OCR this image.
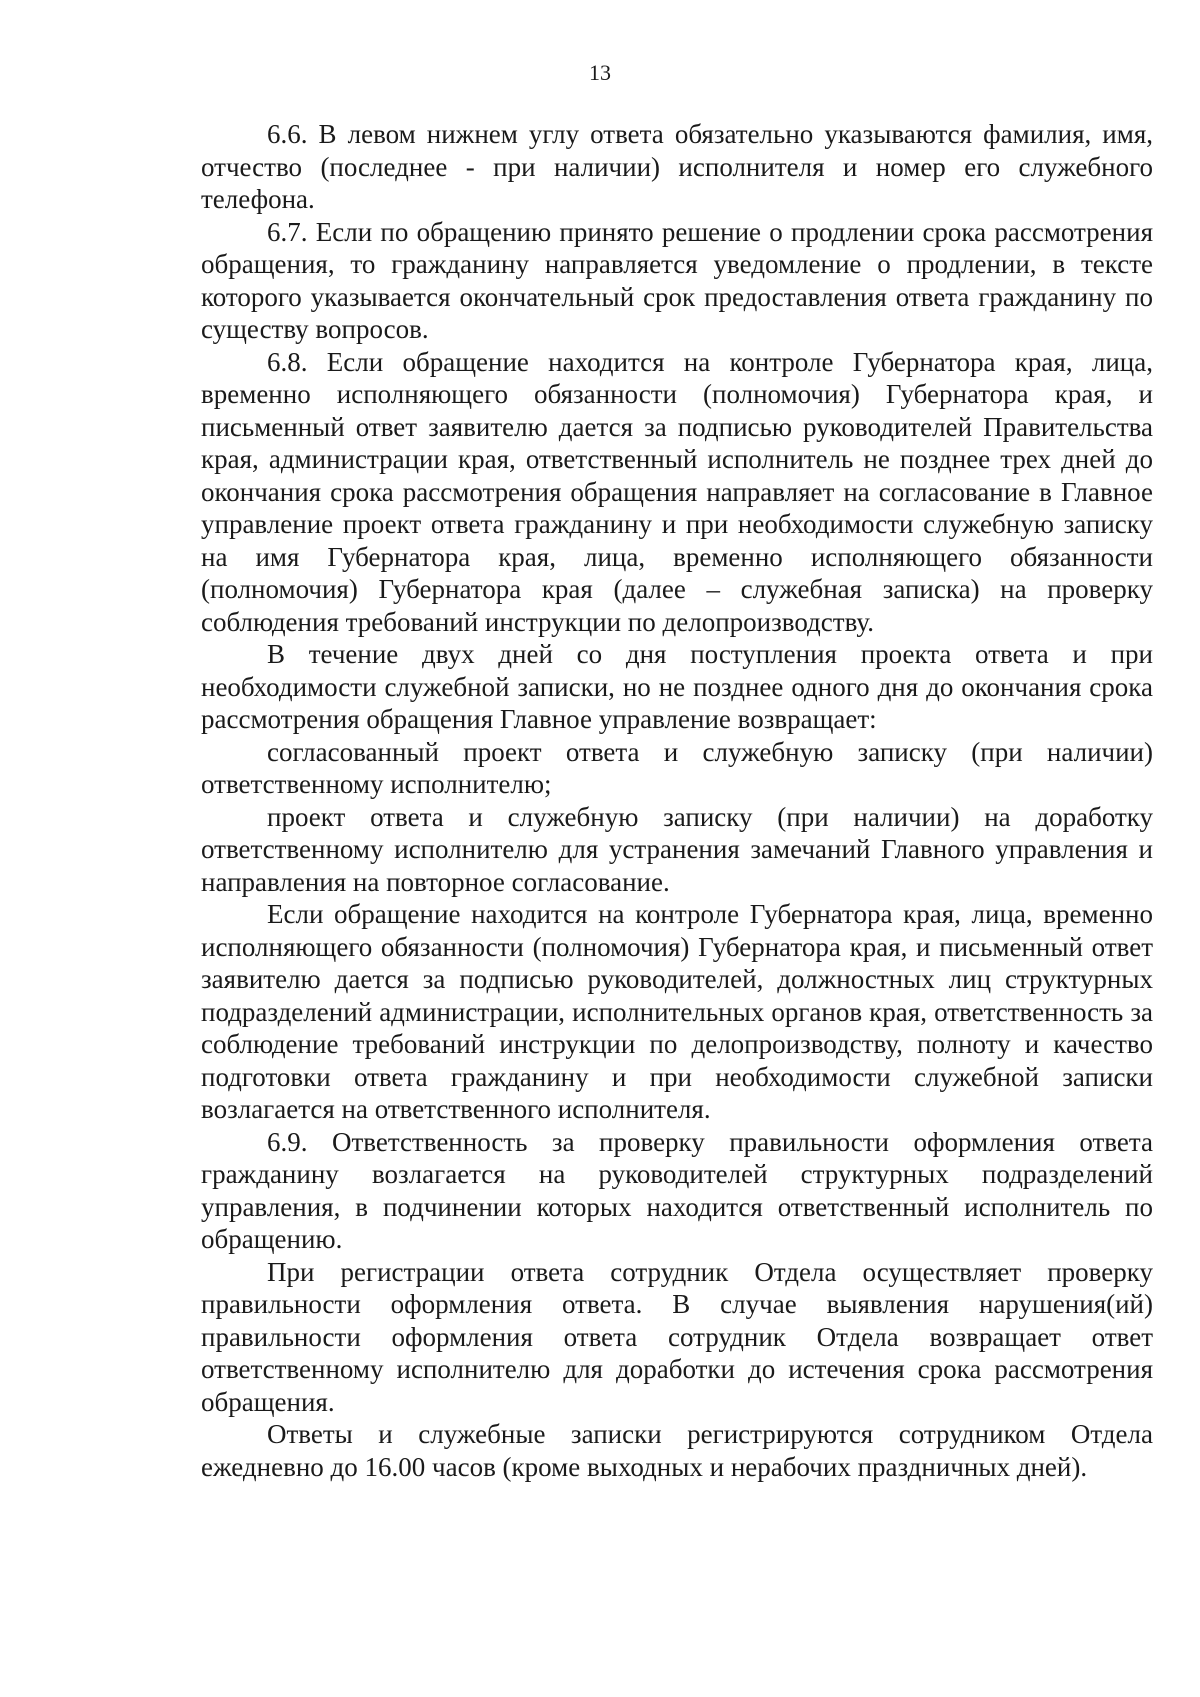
13

6.6. В левом нижнем углу ответа обязательно указываются фамилия, имя, отчество (последнее - при наличии) исполнителя и номер его служебного телефона.

6.7. Если по обращению принято решение о продлении срока рассмотрения обращения, то гражданину направляется уведомление о продлении, в тексте которого указывается окончательный срок предоставления ответа гражданину по существу вопросов.

6.8. Если обращение находится на контроле Губернатора края, лица, временно исполняющего обязанности (полномочия) Губернатора края, и письменный ответ заявителю дается за подписью руководителей Правительства края, администрации края, ответственный исполнитель не позднее трех дней до окончания срока рассмотрения обращения направляет на согласование в Главное управление проект ответа гражданину и при необходимости служебную записку на имя Губернатора края, лица, временно исполняющего обязанности (полномочия) Губернатора края (далее – служебная записка) на проверку соблюдения требований инструкции по делопроизводству.

В течение двух дней со дня поступления проекта ответа и при необходимости служебной записки, но не позднее одного дня до окончания срока рассмотрения обращения Главное управление возвращает:

согласованный проект ответа и служебную записку (при наличии) ответственному исполнителю;

проект ответа и служебную записку (при наличии) на доработку ответственному исполнителю для устранения замечаний Главного управления и направления на повторное согласование.

Если обращение находится на контроле Губернатора края, лица, временно исполняющего обязанности (полномочия) Губернатора края, и письменный ответ заявителю дается за подписью руководителей, должностных лиц структурных подразделений администрации, исполнительных органов края, ответственность за соблюдение требований инструкции по делопроизводству, полноту и качество подготовки ответа гражданину и при необходимости служебной записки возлагается на ответственного исполнителя.

6.9. Ответственность за проверку правильности оформления ответа гражданину возлагается на руководителей структурных подразделений управления, в подчинении которых находится ответственный исполнитель по обращению.

При регистрации ответа сотрудник Отдела осуществляет проверку правильности оформления ответа. В случае выявления нарушения(ий) правильности оформления ответа сотрудник Отдела возвращает ответ ответственному исполнителю для доработки до истечения срока рассмотрения обращения.

Ответы и служебные записки регистрируются сотрудником Отдела ежедневно до 16.00 часов (кроме выходных и нерабочих праздничных дней).
